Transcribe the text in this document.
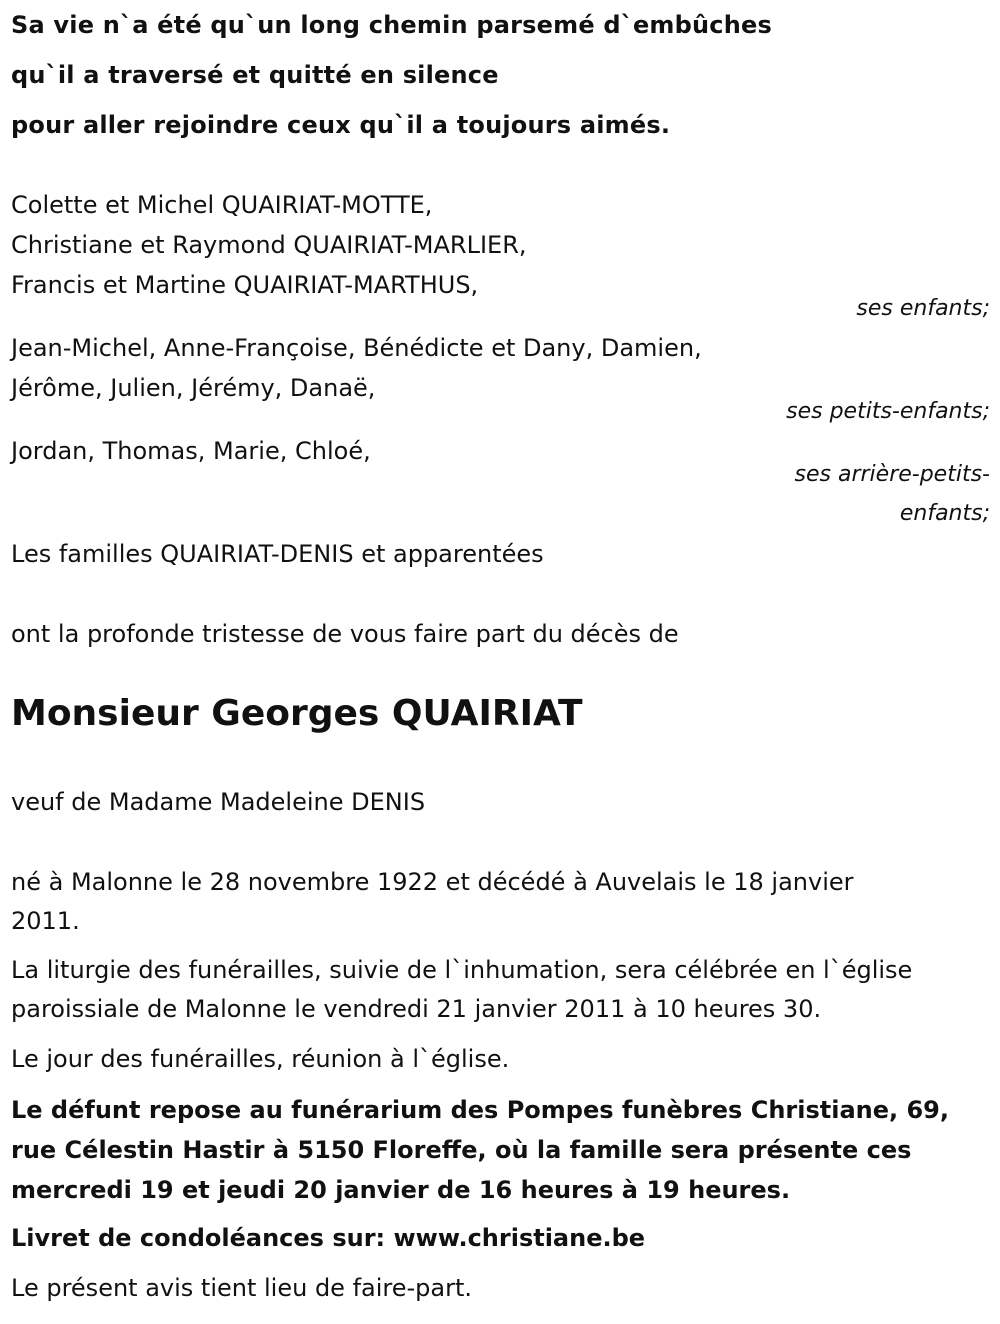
Sa vie n`a été qu`un long chemin parsemé d`embûches
qu`il a traversé et quitté en silence
pour aller rejoindre ceux qu`il a toujours aimés.
Colette et Michel QUAIRIAT-MOTTE,
Christiane et Raymond QUAIRIAT-MARLIER,
Francis et Martine QUAIRIAT-MARTHUS,
ses enfants;
Jean-Michel, Anne-Françoise, Bénédicte et Dany, Damien,
Jérôme, Julien, Jérémy, Danaë,
ses petits-enfants;
Jordan, Thomas, Marie, Chloé,
ses arrière-petits-
enfants;
Les familles QUAIRIAT-DENIS et apparentées
ont la profonde tristesse de vous faire part du décès de
Monsieur Georges QUAIRIAT
veuf de Madame Madeleine DENIS
né à Malonne le 28 novembre 1922 et décédé à Auvelais le 18 janvier
2011.
La liturgie des funérailles, suivie de l`inhumation, sera célébrée en l`église
paroissiale de Malonne le vendredi 21 janvier 2011 à 10 heures 30.
Le jour des funérailles, réunion à l`église.
Le défunt repose au funérarium des Pompes funèbres Christiane, 69,
rue Célestin Hastir à 5150 Floreffe, où la famille sera présente ces
mercredi 19 et jeudi 20 janvier de 16 heures à 19 heures.
Livret de condoléances sur: www.christiane.be
Le présent avis tient lieu de faire-part.
